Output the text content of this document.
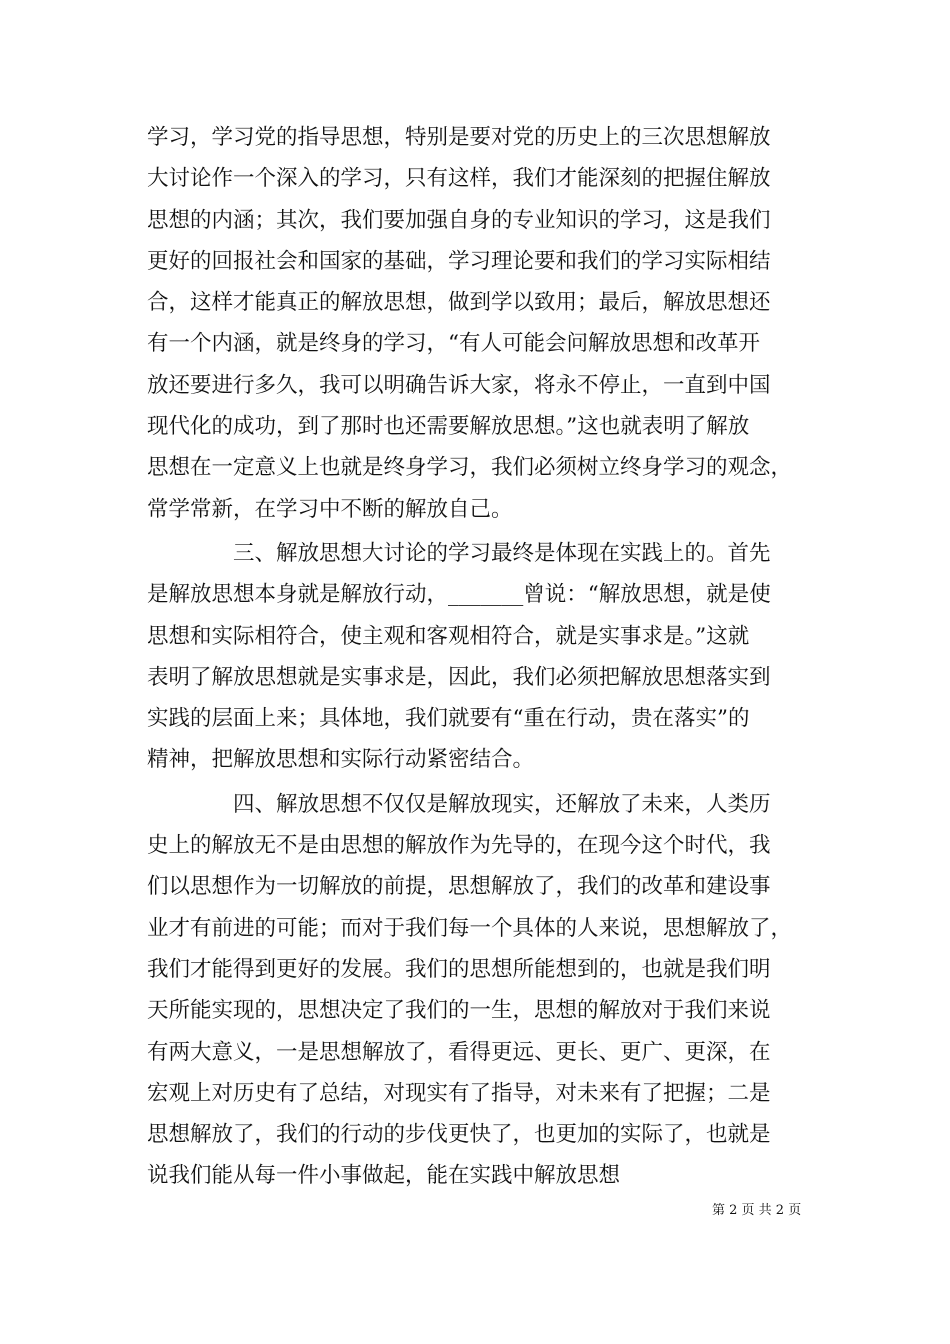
学习，学习党的指导思想，特别是要对党的历史上的三次思想解放
大讨论作一个深入的学习，只有这样，我们才能深刻的把握住解放
思想的内涵；其次，我们要加强自身的专业知识的学习，这是我们
更好的回报社会和国家的基础，学习理论要和我们的学习实际相结
合，这样才能真正的解放思想，做到学以致用；最后，解放思想还
有一个内涵，就是终身的学习，“有人可能会问解放思想和改革开
放还要进行多久，我可以明确告诉大家，将永不停止，一直到中国
现代化的成功，到了那时也还需要解放思想。”这也就表明了解放
思想在一定意义上也就是终身学习，我们必须树立终身学习的观念，
常学常新，在学习中不断的解放自己。
三、解放思想大讨论的学习最终是体现在实践上的。首先
是解放思想本身就是解放行动，_______曾说：“解放思想，就是使
思想和实际相符合，使主观和客观相符合，就是实事求是。”这就
表明了解放思想就是实事求是，因此，我们必须把解放思想落实到
实践的层面上来；具体地，我们就要有“重在行动，贵在落实”的
精神，把解放思想和实际行动紧密结合。
四、解放思想不仅仅是解放现实，还解放了未来，人类历
史上的解放无不是由思想的解放作为先导的，在现今这个时代，我
们以思想作为一切解放的前提，思想解放了，我们的改革和建设事
业才有前进的可能；而对于我们每一个具体的人来说，思想解放了，
我们才能得到更好的发展。我们的思想所能想到的，也就是我们明
天所能实现的，思想决定了我们的一生，思想的解放对于我们来说
有两大意义，一是思想解放了，看得更远、更长、更广、更深，在
宏观上对历史有了总结，对现实有了指导，对未来有了把握；二是
思想解放了，我们的行动的步伐更快了，也更加的实际了，也就是
说我们能从每一件小事做起，能在实践中解放思想
第 2 页 共 2 页
